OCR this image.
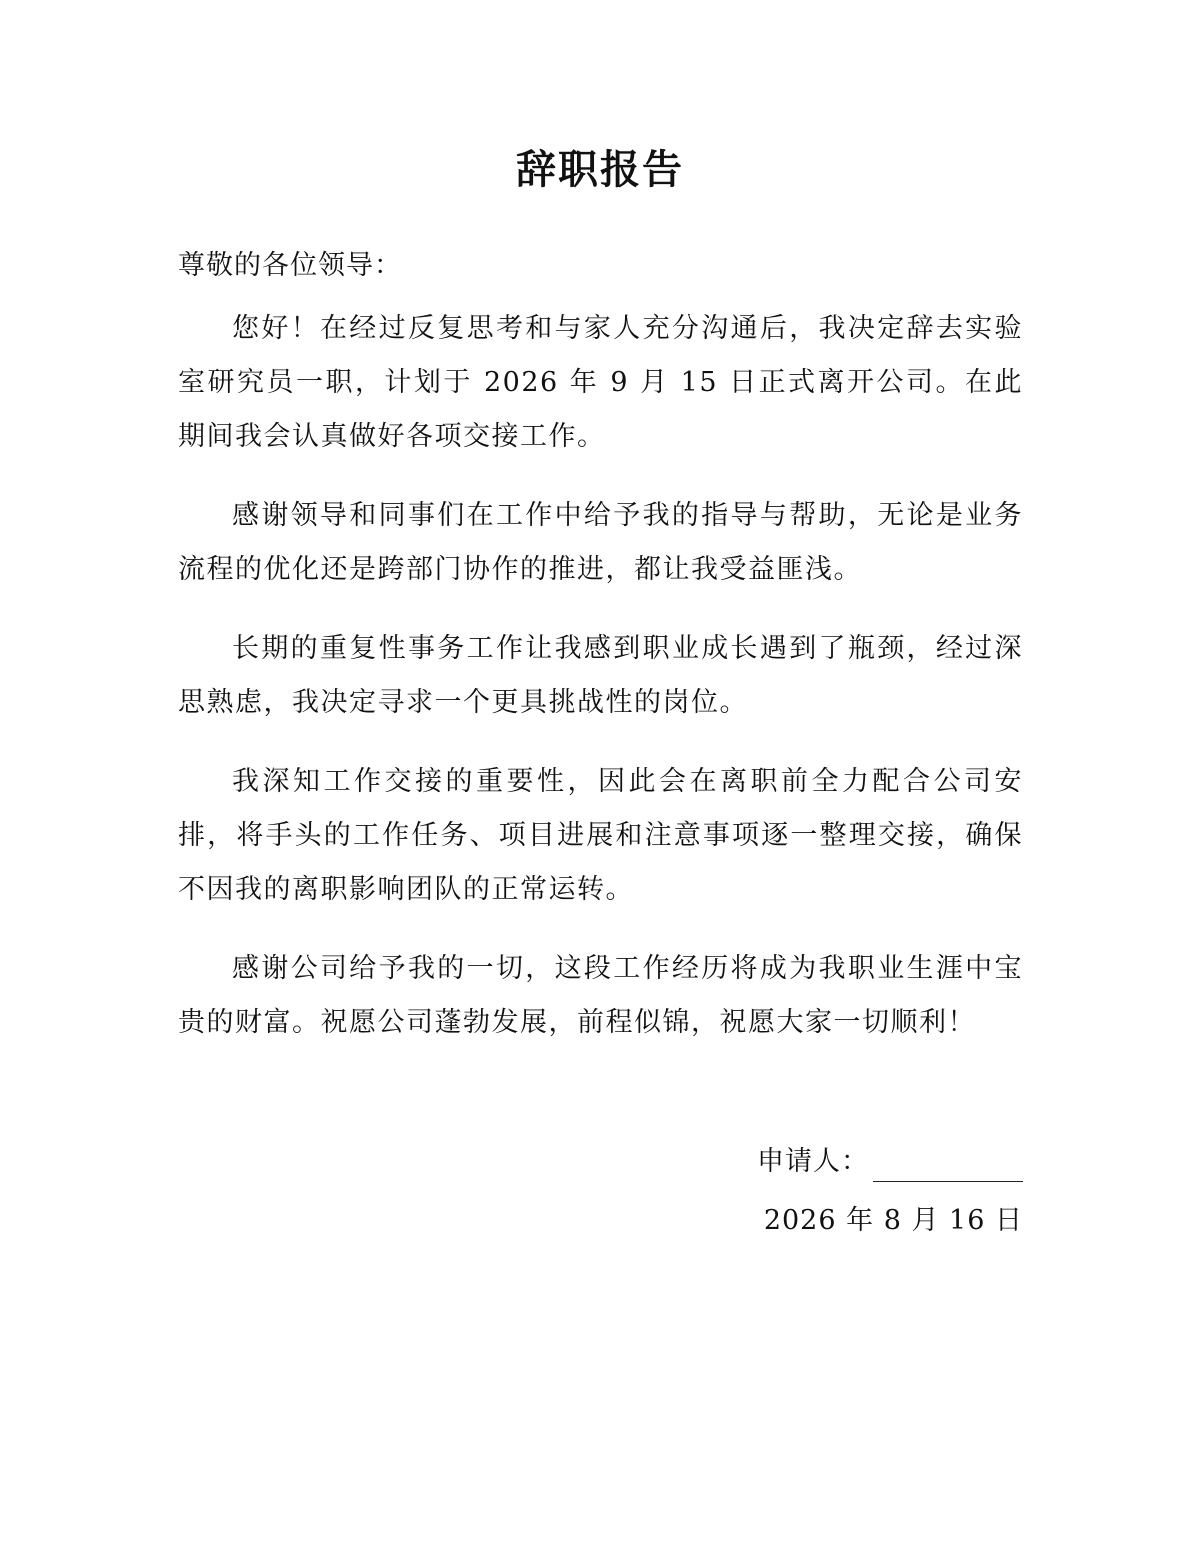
辞职报告
尊敬的各位领导：

您好！在经过反复思考和与家人充分沟通后，我决定辞去实验室研究员一职，计划于 2026 年 9 月 15 日正式离开公司。在此期间我会认真做好各项交接工作。

感谢领导和同事们在工作中给予我的指导与帮助，无论是业务流程的优化还是跨部门协作的推进，都让我受益匪浅。

长期的重复性事务工作让我感到职业成长遇到了瓶颈，经过深思熟虑，我决定寻求一个更具挑战性的岗位。

我深知工作交接的重要性，因此会在离职前全力配合公司安排，将手头的工作任务、项目进展和注意事项逐一整理交接，确保不因我的离职影响团队的正常运转。

感谢公司给予我的一切，这段工作经历将成为我职业生涯中宝贵的财富。祝愿公司蓬勃发展，前程似锦，祝愿大家一切顺利！

申请人：
2026 年 8 月 16 日
